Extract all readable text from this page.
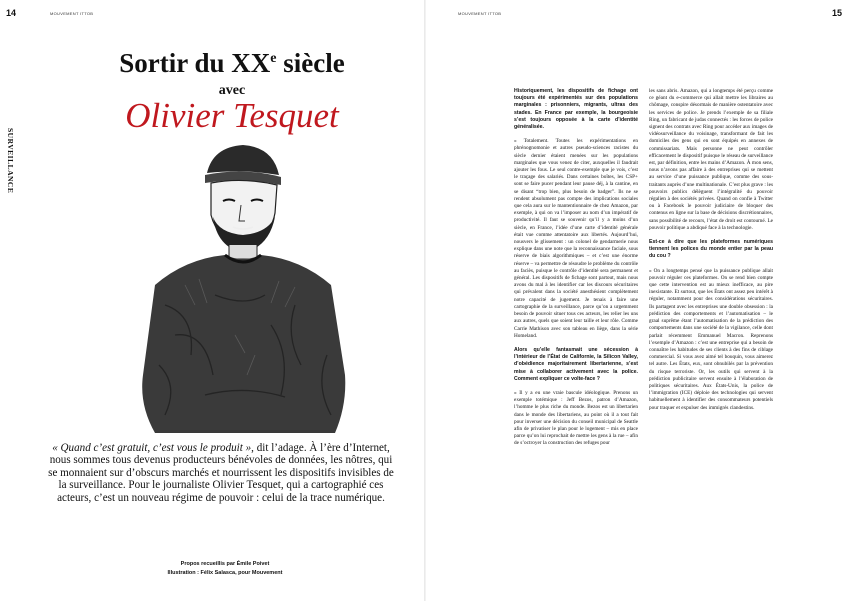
14	MOUVEMENT ITTOB
SURVEILLANCE
Sortir du XXe siècle
avec
Olivier Tesquet
« Quand c’est gratuit, c’est vous le produit », dit l’adage. À l’ère d’Internet, nous sommes tous devenus producteurs bénévoles de données, les nôtres, qui se monnaient sur d’obscurs marchés et nourrissent les dispositifs invisibles de la surveillance. Pour le journaliste Olivier Tesquet, qui a cartographié ces acteurs, c’est un nouveau régime de pouvoir : celui de la trace numérique.
Propos recueillis par Émile Poivet
Illustration : Félix Salasca, pour Mouvement
MOUVEMENT ITTOB	15

Historiquement, les dispositifs de fichage ont toujours été expérimentés sur des populations marginales : prisonniers, migrants, ultras des stades. En France par exemple, la bourgeoisie s’est toujours opposée à la carte d’identité généralisée.

« Totalement. Toutes les expérimentations en phrénognomonie et autres pseudo-sciences racistes du siècle dernier étaient menées sur les populations marginales que vous venez de citer, auxquelles il faudrait ajouter les fous. Le seul contre-exemple que je vois, c’est le traçage des salariés. Dans certaines boîtes, les CSP+ sont se faire pucer pendant leur pause déj, à la cantine, en se disant “trop bien, plus besoin de badger”. Ils ne se rendent absolument pas compte des implications sociales que cela aura sur le mantentionnaire de chez Amazon, par exemple, à qui on va l’imposer au nom d’un impératif de productivité. Il faut se souvenir qu’il y a moins d’un siècle, en France, l’idée d’une carte d’identité générale était vue comme attentatoire aux libertés. Aujourd’hui, nousvers le glissement : un colonel de gendarmerie nous explique dans une note que la reconnaissance faciale, sous réserve de biais algorithmiques – et c’est une énorme réserve – va permettre de résoudre le problème du contrôle au faciès, puisque le contrôle d’identité sera permanent et général. Les dispositifs de fichage sont partout, mais nous avons du mal à les identifier car les discours sécuritaires qui prévalent dans la société anesthésient complètement notre capacité de jugement. Je tenais à faire une cartographie de la surveillance, parce qu’on a urgemment besoin de pouvoir situer tous ces acteurs, les relier les uns aux autres, quels que soient leur taille et leur rôle. Comme Carrie Mathison avec son tableau en liège, dans la série Homeland.

Alors qu’elle fantasmait une sécession à l’intérieur de l’État de Californie, la Silicon Valley, d’obédience majoritairement libertarienne, s’est mise à collaborer activement avec la police. Comment expliquer ce volte-face ?

« Il y a eu une vraie bascule idéologique. Prenons un exemple totémique : Jeff Bezos, patron d’Amazon, l’homme le plus riche du monde. Bezos est un libertarien dans le monde des libertariens, au point où il a tout fait pour inverser une décision du conseil municipal de Seattle afin de privatiser le plan pour le logement – mis en place parce qu’on lui reprochait de mettre les gens à la rue – afin de s’octroyer la construction des refuges pour

les sans abris. Amazon, qui a longtemps été perçu comme ce géant du e-commerce qui allait mettre les libraires au chômage, conspire désormais de manière ostentatoire avec les services de police. Je prends l’exemple de sa filiale Ring, un fabricant de judas connectés : les forces de police signent des contrats avec Ring pour accéder aux images de vidéosurveillance du voisinage, transformant de fait les domiciles des gens qui en sont équipés en annexes de commissariats. Mais personne ne peut contrôler efficacement le dispositif puisque le réseau de surveillance est, par définition, entre les mains d’Amazon. À mon sens, nous n’avons pas affaire à des entreprises qui se mettent au service d’une puissance publique, comme des sous-traitants auprès d’une multinationale. C’est plus grave : les pouvoirs publics délèguent l’intégralité du pouvoir régalien à des sociétés privées. Quand on confie à Twitter ou à Facebook le pouvoir judiciaire de bloquer des contenus en ligne sur la base de décisions discrétionnaires, sans possibilité de recours, l’état de droit est contourné. Le pouvoir politique a abdiqué face à la technologie.

Est-ce à dire que les plateformes numériques tiennent les polices du monde entier par la peau du cou ?

« On a longtemps pensé que la puissance publique allait pouvoir réguler ces plateformes. On se rend bien compte que cette intervention est au mieux inefficace, au pire inexistante. Et surtout, que les États ont assez peu intérêt à réguler, notamment pour des considérations sécuritaires. Ils partagent avec les entreprises une double obsession : la prédiction des comportements et l’automatisation – le graal suprême étant l’automatisation de la prédiction des comportements dans une société de la vigilance, celle dont parlait récemment Emmanuel Macron. Reprenons l’exemple d’Amazon : c’est une entreprise qui a besoin de connaître les habitudes de ses clients à des fins de ciblage commercial. Si vous avez aimé tel bouquin, vous aimerez tel autre. Les États, eux, sont obnubilés par la prévention du risque terroriste. Or, les outils qui servent à la prédiction publicitaire servent ensuite à l’élaboration de politiques sécuritaires. Aux États-Unis, la police de l’immigration (ICE) déploie des technologies qui servent habituellement à identifier des consommateurs potentiels pour traquer et expulser des immigrés clandestins.
